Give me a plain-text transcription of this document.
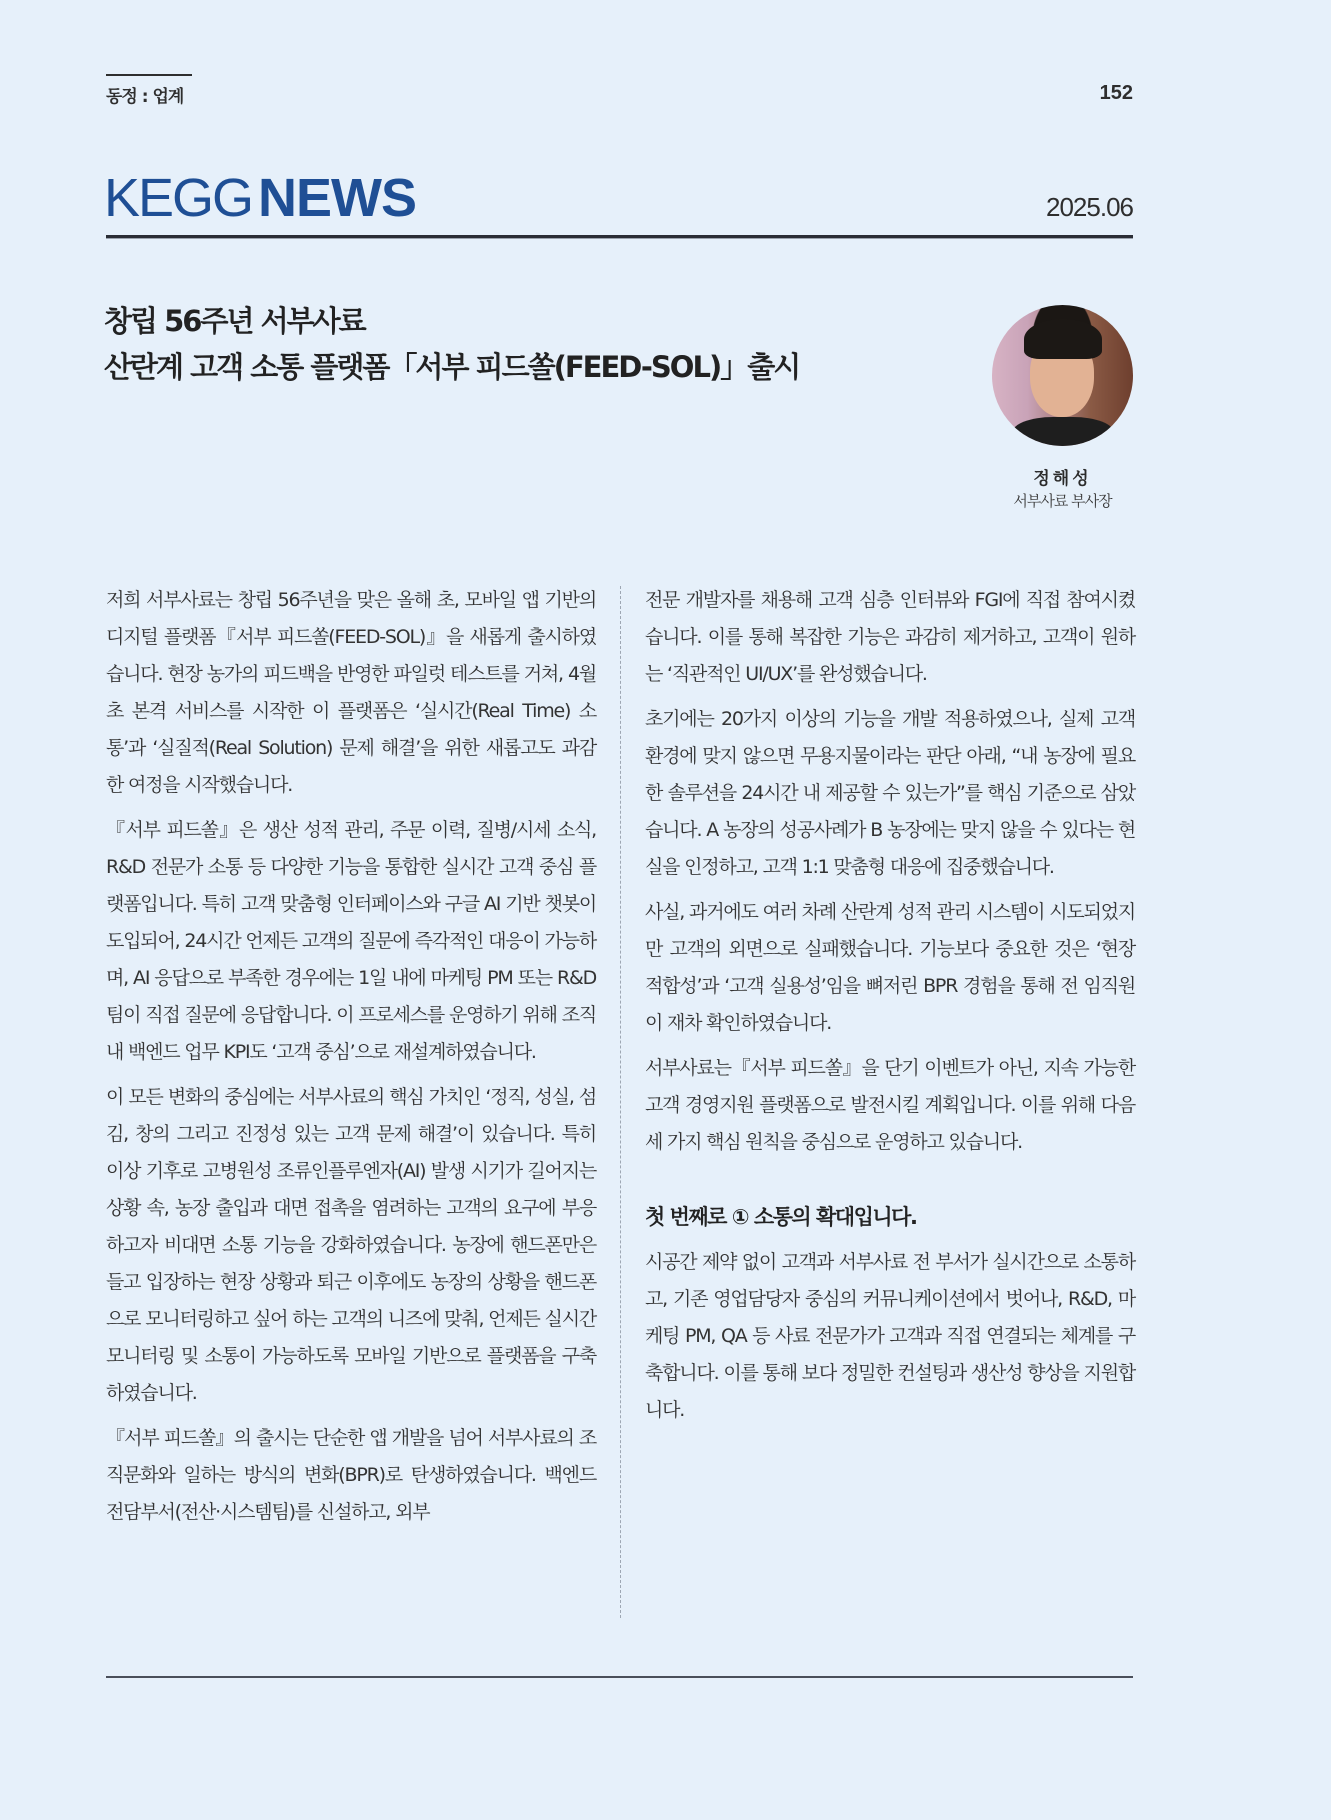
동정 : 업계	152
KEGG NEWS	2025.06
창립 56주년 서부사료
산란계 고객 소통 플랫폼「서부 피드쏠(FEED-SOL)」출시
정해성
서부사료 부사장

저희 서부사료는 창립 56주년을 맞은 올해 초, 모바일 앱 기반의 디지털 플랫폼『서부 피드쏠(FEED-SOL)』을 새롭게 출시하였습니다. 현장 농가의 피드백을 반영한 파일럿 테스트를 거쳐, 4월 초 본격 서비스를 시작한 이 플랫폼은 ‘실시간(Real Time) 소통’과 ‘실질적(Real Solution) 문제 해결’을 위한 새롭고도 과감한 여정을 시작했습니다.

『서부 피드쏠』은 생산 성적 관리, 주문 이력, 질병/시세 소식, R&D 전문가 소통 등 다양한 기능을 통합한 실시간 고객 중심 플랫폼입니다. 특히 고객 맞춤형 인터페이스와 구글 AI 기반 챗봇이 도입되어, 24시간 언제든 고객의 질문에 즉각적인 대응이 가능하며, AI 응답으로 부족한 경우에는 1일 내에 마케팅 PM 또는 R&D팀이 직접 질문에 응답합니다. 이 프로세스를 운영하기 위해 조직 내 백엔드 업무 KPI도 ‘고객 중심’으로 재설계하였습니다.

이 모든 변화의 중심에는 서부사료의 핵심 가치인 ‘정직, 성실, 섬김, 창의 그리고 진정성 있는 고객 문제 해결’이 있습니다. 특히 이상 기후로 고병원성 조류인플루엔자(AI) 발생 시기가 길어지는 상황 속, 농장 출입과 대면 접촉을 염려하는 고객의 요구에 부응하고자 비대면 소통 기능을 강화하였습니다. 농장에 핸드폰만은 들고 입장하는 현장 상황과 퇴근 이후에도 농장의 상황을 핸드폰으로 모니터링하고 싶어 하는 고객의 니즈에 맞춰, 언제든 실시간 모니터링 및 소통이 가능하도록 모바일 기반으로 플랫폼을 구축하였습니다.

『서부 피드쏠』의 출시는 단순한 앱 개발을 넘어 서부사료의 조직문화와 일하는 방식의 변화(BPR)로 탄생하였습니다. 백엔드 전담부서(전산·시스템팀)를 신설하고, 외부

전문 개발자를 채용해 고객 심층 인터뷰와 FGI에 직접 참여시켰습니다. 이를 통해 복잡한 기능은 과감히 제거하고, 고객이 원하는 ‘직관적인 UI/UX’를 완성했습니다.

초기에는 20가지 이상의 기능을 개발 적용하였으나, 실제 고객 환경에 맞지 않으면 무용지물이라는 판단 아래, “내 농장에 필요한 솔루션을 24시간 내 제공할 수 있는가”를 핵심 기준으로 삼았습니다. A 농장의 성공사례가 B 농장에는 맞지 않을 수 있다는 현실을 인정하고, 고객 1:1 맞춤형 대응에 집중했습니다.

사실, 과거에도 여러 차례 산란계 성적 관리 시스템이 시도되었지만 고객의 외면으로 실패했습니다. 기능보다 중요한 것은 ‘현장 적합성’과 ‘고객 실용성’임을 뼈저린 BPR 경험을 통해 전 임직원이 재차 확인하였습니다.

서부사료는『서부 피드쏠』을 단기 이벤트가 아닌, 지속 가능한 고객 경영지원 플랫폼으로 발전시킬 계획입니다. 이를 위해 다음 세 가지 핵심 원칙을 중심으로 운영하고 있습니다.

첫 번째로 ① 소통의 확대입니다.

시공간 제약 없이 고객과 서부사료 전 부서가 실시간으로 소통하고, 기존 영업담당자 중심의 커뮤니케이션에서 벗어나, R&D, 마케팅 PM, QA 등 사료 전문가가 고객과 직접 연결되는 체계를 구축합니다. 이를 통해 보다 정밀한 컨설팅과 생산성 향상을 지원합니다.
